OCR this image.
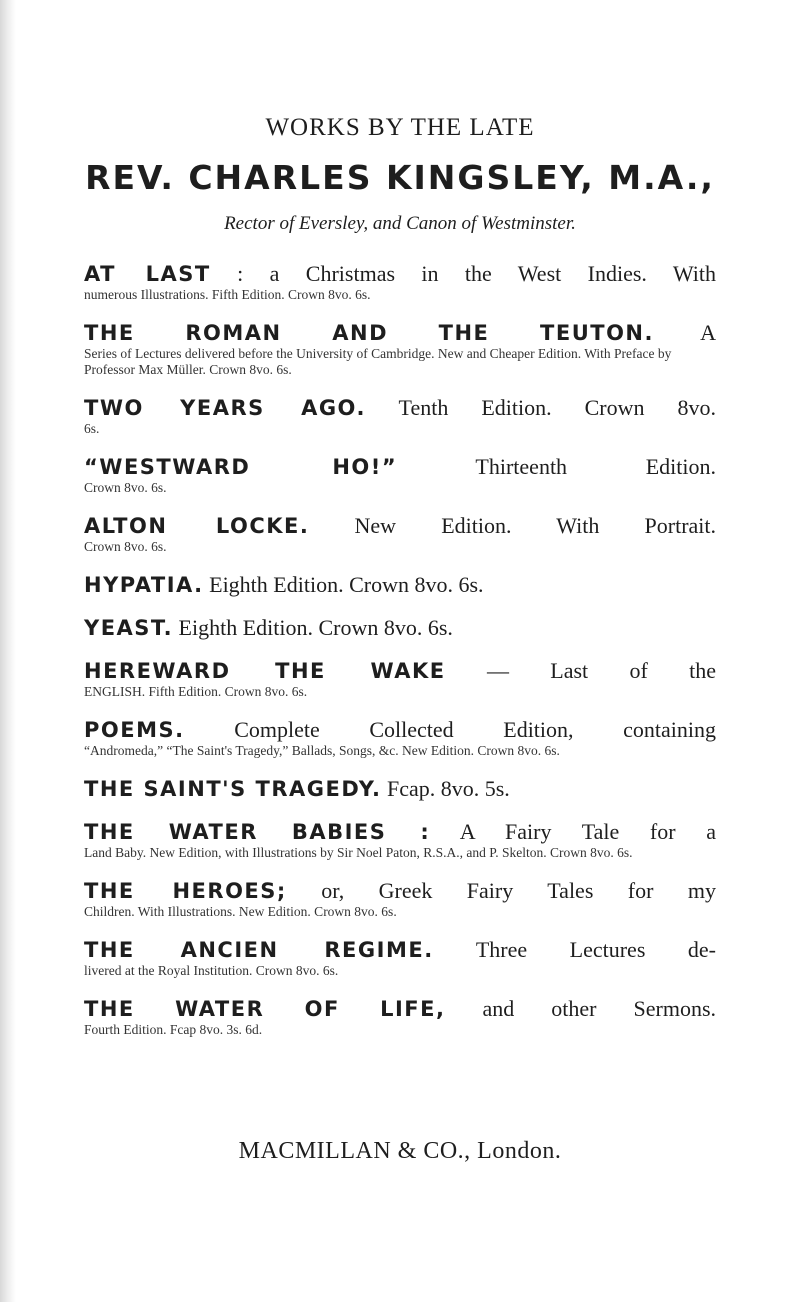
WORKS BY THE LATE
REV. CHARLES KINGSLEY, M.A.,
Rector of Eversley, and Canon of Westminster.
AT LAST : a Christmas in the West Indies. With
numerous Illustrations. Fifth Edition. Crown 8vo. 6s.
THE ROMAN AND THE TEUTON. A
Series of Lectures delivered before the University of Cambridge. New and Cheaper Edition. With Preface by Professor Max Müller. Crown 8vo. 6s.
TWO YEARS AGO. Tenth Edition. Crown 8vo.
6s.
“WESTWARD HO!”	Thirteenth Edition.
Crown 8vo. 6s.
ALTON LOCKE. New Edition. With Portrait.
Crown 8vo. 6s.
HYPATIA. Eighth Edition. Crown 8vo. 6s.
YEAST. Eighth Edition. Crown 8vo. 6s.
HEREWARD THE WAKE — Last of the
ENGLISH. Fifth Edition. Crown 8vo. 6s.
POEMS. Complete Collected Edition, containing
“Andromeda,” “The Saint's Tragedy,” Ballads, Songs, &c. New Edition. Crown 8vo. 6s.
THE SAINT'S TRAGEDY. Fcap. 8vo. 5s.
THE WATER BABIES : A Fairy Tale for a
Land Baby. New Edition, with Illustrations by Sir Noel Paton, R.S.A., and P. Skelton. Crown 8vo. 6s.
THE HEROES; or, Greek Fairy Tales for my
Children. With Illustrations. New Edition. Crown 8vo. 6s.
THE ANCIEN REGIME. Three Lectures de-
livered at the Royal Institution. Crown 8vo. 6s.
THE WATER OF LIFE, and other Sermons.
Fourth Edition. Fcap 8vo. 3s. 6d.
MACMILLAN & CO., London.
